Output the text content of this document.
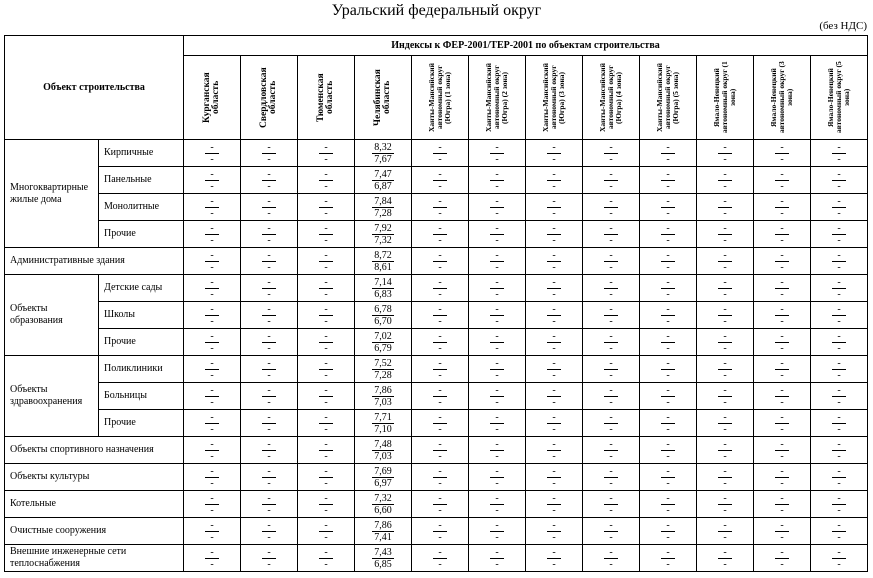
Уральский федеральный округ
(без НДС)
Объект строительства		Индексы к ФЕР-2001/ТЕР-2001 по объектам строительства											

		Курганская область	Свердловская область	Тюменская область	Челябинская область	Ханты-Мансийский автономный округ (Югра) (1 зона)	Ханты-Мансийский автономный округ (Югра) (2 зона)	Ханты-Мансийский автономный округ (Югра) (3 зона)	Ханты-Мансийский автономный округ (Югра) (4 зона)	Ханты-Мансийский автономный округ (Югра) (5 зона)	Ямало-Ненецкий автономный округ (1 зона)	Ямало-Ненецкий автономный округ (3 зона)	Ямало-Ненецкий автономный округ (5 зона)

Многоквартирные жилые дома	Кирпичные	$\frac{-}{-}$	$\frac{-}{-}$	$\frac{-}{-}$	$\frac{8,32}{7,67}$	$\frac{-}{-}$	$\frac{-}{-}$	$\frac{-}{-}$	$\frac{-}{-}$	$\frac{-}{-}$	$\frac{-}{-}$	$\frac{-}{-}$	$\frac{-}{-}$

	Панельные	$\frac{-}{-}$	$\frac{-}{-}$	$\frac{-}{-}$	$\frac{7,47}{6,87}$	$\frac{-}{-}$	$\frac{-}{-}$	$\frac{-}{-}$	$\frac{-}{-}$	$\frac{-}{-}$	$\frac{-}{-}$	$\frac{-}{-}$	$\frac{-}{-}$

	Монолитные	$\frac{-}{-}$	$\frac{-}{-}$	$\frac{-}{-}$	$\frac{7,84}{7,28}$	$\frac{-}{-}$	$\frac{-}{-}$	$\frac{-}{-}$	$\frac{-}{-}$	$\frac{-}{-}$	$\frac{-}{-}$	$\frac{-}{-}$	$\frac{-}{-}$

	Прочие	$\frac{-}{-}$	$\frac{-}{-}$	$\frac{-}{-}$	$\frac{7,92}{7,32}$	$\frac{-}{-}$	$\frac{-}{-}$	$\frac{-}{-}$	$\frac{-}{-}$	$\frac{-}{-}$	$\frac{-}{-}$	$\frac{-}{-}$	$\frac{-}{-}$

Административные здания		$\frac{-}{-}$	$\frac{-}{-}$	$\frac{-}{-}$	$\frac{8,72}{8,61}$	$\frac{-}{-}$	$\frac{-}{-}$	$\frac{-}{-}$	$\frac{-}{-}$	$\frac{-}{-}$	$\frac{-}{-}$	$\frac{-}{-}$	$\frac{-}{-}$

Объекты образования	Детские сады	$\frac{-}{-}$	$\frac{-}{-}$	$\frac{-}{-}$	$\frac{7,14}{6,83}$	$\frac{-}{-}$	$\frac{-}{-}$	$\frac{-}{-}$	$\frac{-}{-}$	$\frac{-}{-}$	$\frac{-}{-}$	$\frac{-}{-}$	$\frac{-}{-}$

	Школы	$\frac{-}{-}$	$\frac{-}{-}$	$\frac{-}{-}$	$\frac{6,78}{6,70}$	$\frac{-}{-}$	$\frac{-}{-}$	$\frac{-}{-}$	$\frac{-}{-}$	$\frac{-}{-}$	$\frac{-}{-}$	$\frac{-}{-}$	$\frac{-}{-}$

	Прочие	$\frac{-}{-}$	$\frac{-}{-}$	$\frac{-}{-}$	$\frac{7,02}{6,79}$	$\frac{-}{-}$	$\frac{-}{-}$	$\frac{-}{-}$	$\frac{-}{-}$	$\frac{-}{-}$	$\frac{-}{-}$	$\frac{-}{-}$	$\frac{-}{-}$

Объекты здравоохранения	Поликлиники	$\frac{-}{-}$	$\frac{-}{-}$	$\frac{-}{-}$	$\frac{7,52}{7,28}$	$\frac{-}{-}$	$\frac{-}{-}$	$\frac{-}{-}$	$\frac{-}{-}$	$\frac{-}{-}$	$\frac{-}{-}$	$\frac{-}{-}$	$\frac{-}{-}$

	Больницы	$\frac{-}{-}$	$\frac{-}{-}$	$\frac{-}{-}$	$\frac{7,86}{7,03}$	$\frac{-}{-}$	$\frac{-}{-}$	$\frac{-}{-}$	$\frac{-}{-}$	$\frac{-}{-}$	$\frac{-}{-}$	$\frac{-}{-}$	$\frac{-}{-}$

	Прочие	$\frac{-}{-}$	$\frac{-}{-}$	$\frac{-}{-}$	$\frac{7,71}{7,10}$	$\frac{-}{-}$	$\frac{-}{-}$	$\frac{-}{-}$	$\frac{-}{-}$	$\frac{-}{-}$	$\frac{-}{-}$	$\frac{-}{-}$	$\frac{-}{-}$

Объекты спортивного назначения		$\frac{-}{-}$	$\frac{-}{-}$	$\frac{-}{-}$	$\frac{7,48}{7,03}$	$\frac{-}{-}$	$\frac{-}{-}$	$\frac{-}{-}$	$\frac{-}{-}$	$\frac{-}{-}$	$\frac{-}{-}$	$\frac{-}{-}$	$\frac{-}{-}$

Объекты культуры		$\frac{-}{-}$	$\frac{-}{-}$	$\frac{-}{-}$	$\frac{7,69}{6,97}$	$\frac{-}{-}$	$\frac{-}{-}$	$\frac{-}{-}$	$\frac{-}{-}$	$\frac{-}{-}$	$\frac{-}{-}$	$\frac{-}{-}$	$\frac{-}{-}$

Котельные		$\frac{-}{-}$	$\frac{-}{-}$	$\frac{-}{-}$	$\frac{7,32}{6,60}$	$\frac{-}{-}$	$\frac{-}{-}$	$\frac{-}{-}$	$\frac{-}{-}$	$\frac{-}{-}$	$\frac{-}{-}$	$\frac{-}{-}$	$\frac{-}{-}$

Очистные сооружения		$\frac{-}{-}$	$\frac{-}{-}$	$\frac{-}{-}$	$\frac{7,86}{7,41}$	$\frac{-}{-}$	$\frac{-}{-}$	$\frac{-}{-}$	$\frac{-}{-}$	$\frac{-}{-}$	$\frac{-}{-}$	$\frac{-}{-}$	$\frac{-}{-}$

Внешние инженерные сети теплоснабжения		$\frac{-}{-}$	$\frac{-}{-}$	$\frac{-}{-}$	$\frac{7,43}{6,85}$	$\frac{-}{-}$	$\frac{-}{-}$	$\frac{-}{-}$	$\frac{-}{-}$	$\frac{-}{-}$	$\frac{-}{-}$	$\frac{-}{-}$	$\frac{-}{-}$
